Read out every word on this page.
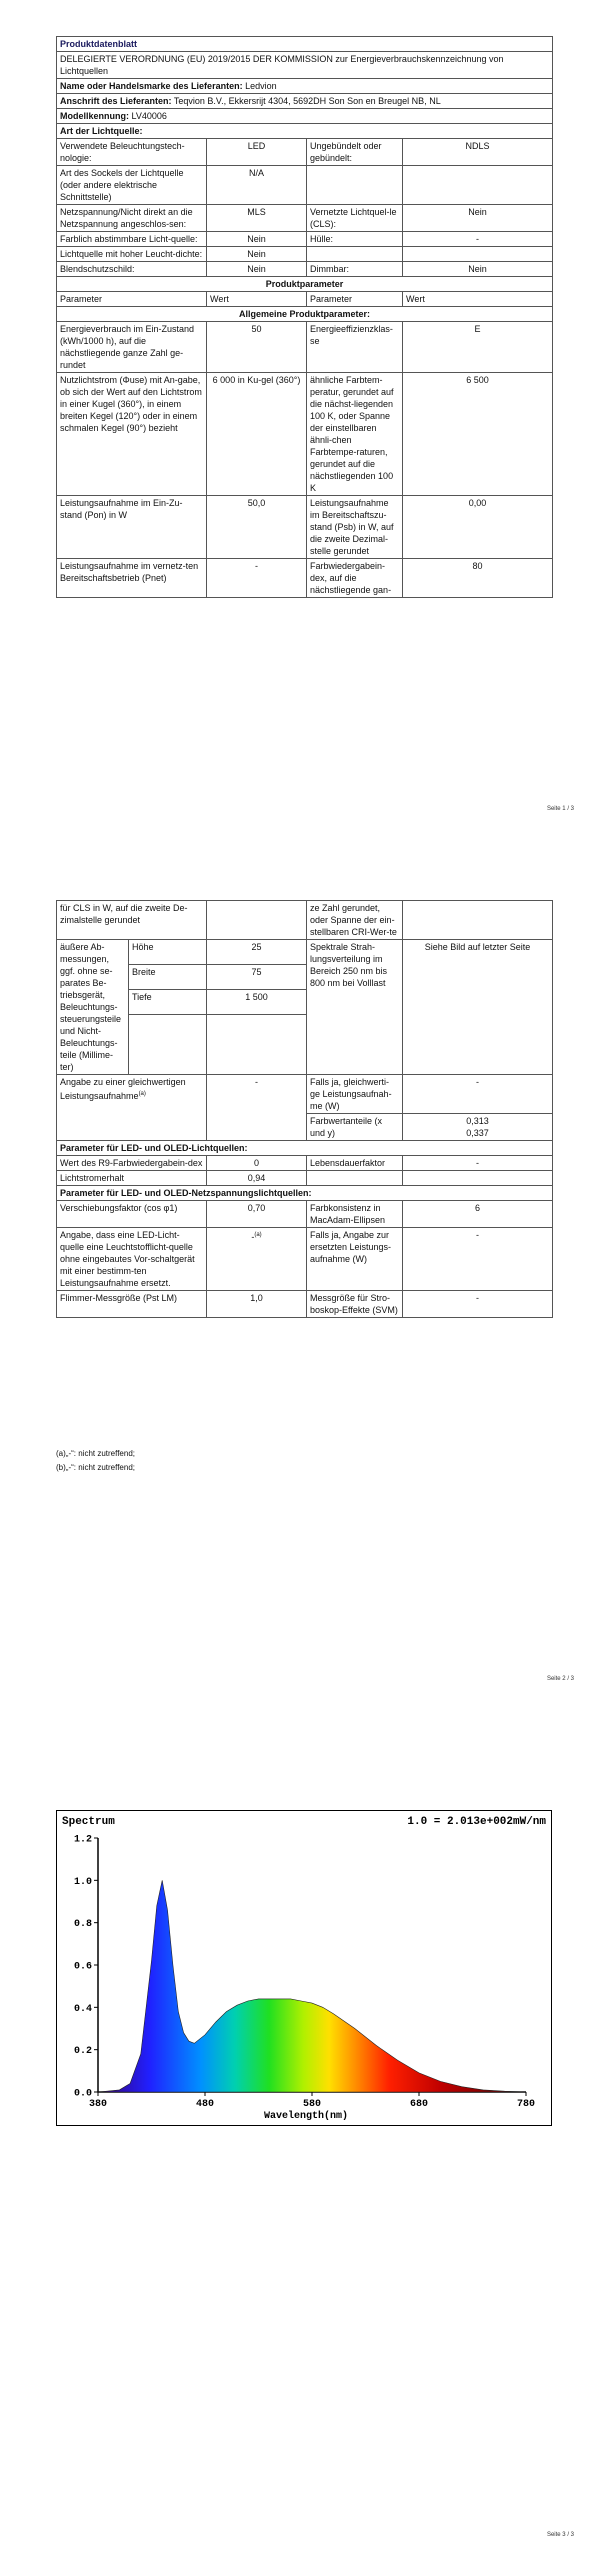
Produktdatenblatt			
DELEGIERTE VERORDNUNG (EU) 2019/2015 DER KOMMISSION zur Energieverbrauchskennzeichnung von Lichtquellen			
Name oder Handelsmarke des Lieferanten: Ledvion			
Anschrift des Lieferanten: Teqvion B.V., Ekkersrijt 4304, 5692DH Son Son en Breugel NB, NL			
Modellkennung: LV40006			
Art der Lichtquelle:			
Verwendete Beleuchtungstech-nologie:	LED	Ungebündelt oder gebündelt:	NDLS
Art des Sockels der Lichtquelle (oder andere elektrische Schnittstelle)	N/A		
Netzspannung/Nicht direkt an die Netzspannung angeschlos-sen:	MLS	Vernetzte Lichtquel-le (CLS):	Nein
Farblich abstimmbare Licht-quelle:	Nein	Hülle:	-
Lichtquelle mit hoher Leucht-dichte:	Nein		
Blendschutzschild:	Nein	Dimmbar:	Nein
Produktparameter			
Parameter	Wert	Parameter	Wert
Allgemeine Produktparameter:			
Energieverbrauch im Ein-Zustand (kWh/1000 h), auf die nächstliegende ganze Zahl ge-rundet	50	Energieeffizienzklas-se	E
Nutzlichtstrom (Φuse) mit An-gabe, ob sich der Wert auf den Lichtstrom in einer Kugel (360°), in einem breiten Kegel (120°) oder in einem schmalen Kegel (90°) bezieht	6 000 in Ku-gel (360°)	ähnliche Farbtem-peratur, gerundet auf die nächst-liegenden 100 K, oder Spanne der einstellbaren ähnli-chen Farbtempe-raturen, gerundet auf die nächstliegenden 100 K	6 500
Leistungsaufnahme im Ein-Zu-stand (Pon) in W	50,0	Leistungsaufnahme im Bereitschaftszu-stand (Psb) in W, auf die zweite Dezimal-stelle gerundet	0,00
Leistungsaufnahme im vernetz-ten Bereitschaftsbetrieb (Pnet)	-	Farbwiedergabein-dex, auf die nächstliegende gan-	80
Seite 1 / 3
für CLS in W, auf die zweite De-zimalstelle gerundet			ze Zahl gerundet, oder Spanne der ein-stellbaren CRI-Wer-te	
äußere Ab-messungen, ggf. ohne se-parates Be-triebsgerät, Beleuchtungs-steuerungsteile und Nicht-Beleuchtungs-teile (Millime-ter)	Höhe	25	Spektrale Strah-lungsverteilung im Bereich 250 nm bis 800 nm bei Volllast	Siehe Bild auf letzter Seite
	Breite	75		
	Tiefe	1 500		

Angabe zu einer gleichwertigen Leistungsaufnahme$^{(a)}$		-	Falls ja, gleichwerti-ge Leistungsaufnah-me (W)	-
			Farbwertanteile (x und y)	0,313
0,337
Parameter für LED- und OLED-Lichtquellen:				
Wert des R9-Farbwiedergabein-dex		0	Lebensdauerfaktor	-
Lichtstromerhalt		0,94		
Parameter für LED- und OLED-Netzspannungslichtquellen:				
Verschiebungsfaktor (cos φ1)		0,70	Farbkonsistenz in MacAdam-Ellipsen	6
Angabe, dass eine LED-Licht-quelle eine Leuchtstofflicht-quelle ohne eingebautes Vor-schaltgerät mit einer bestimm-ten Leistungsaufnahme ersetzt.		-$^{(a)}$	Falls ja, Angabe zur ersetzten Leistungs-aufnahme (W)	-
Flimmer-Messgröße (Pst LM)		1,0	Messgröße für Stro-boskop-Effekte (SVM)	-
(a)„-“: nicht zutreffend;
(b)„-“: nicht zutreffend;
Seite 2 / 3
Spectrum	1.0 = 2.013e+002mW/nm
0.0
0.2
0.4
0.6
0.8
1.0
1.2
380	480	580	680	780
Wavelength(nm)
Seite 3 / 3
